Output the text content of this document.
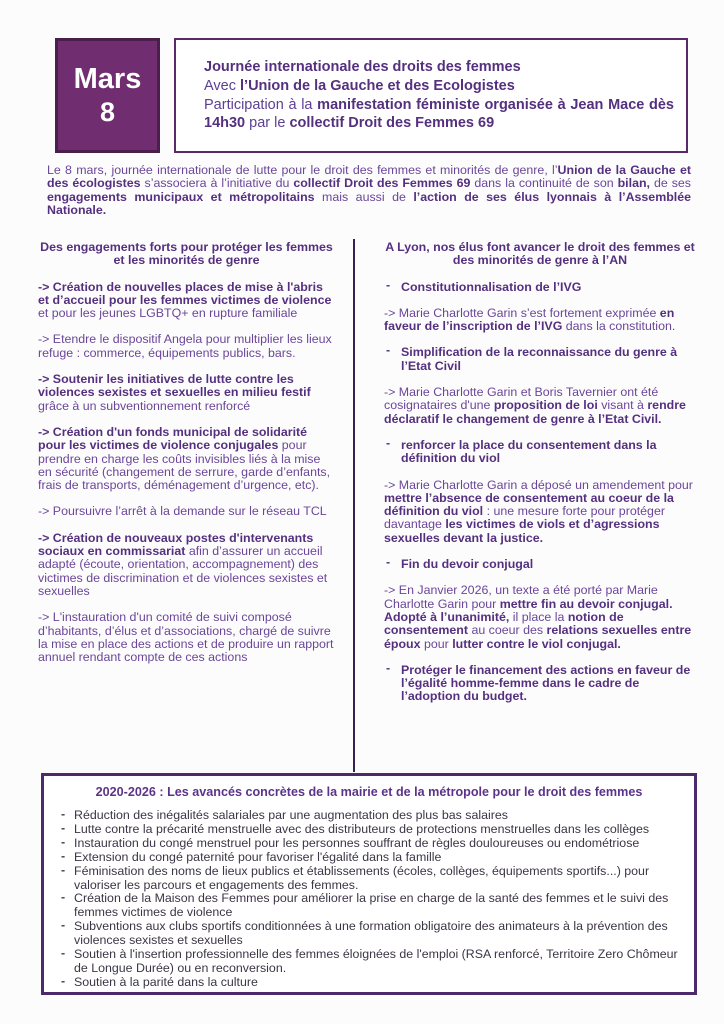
Mars
8
Journée internationale des droits des femmes
Avec l’Union de la Gauche et des Ecologistes
Participation à la manifestation féministe organisée à Jean Mace dès 14h30 par le collectif Droit des Femmes 69
Le 8 mars, journée internationale de lutte pour le droit des femmes et minorités de genre, l’Union de la Gauche et des écologistes s’associera à l’initiative du collectif Droit des Femmes 69 dans la continuité de son bilan, de ses engagements municipaux et métropolitains mais aussi de l’action de ses élus lyonnais à l’Assemblée Nationale.
Des engagements forts pour protéger les femmes et les minorités de genre
-> Création de nouvelles places de mise à l'abris et d’accueil pour les femmes victimes de violence et pour les jeunes LGBTQ+ en rupture familiale
-> Etendre le dispositif Angela pour multiplier les lieux refuge : commerce, équipements publics, bars.
-> Soutenir les initiatives de lutte contre les violences sexistes et sexuelles en milieu festif grâce à un subventionnement renforcé
-> Création d'un fonds municipal de solidarité pour les victimes de violence conjugales pour prendre en charge les coûts invisibles liés à la mise en sécurité (changement de serrure, garde d’enfants, frais de transports, déménagement d’urgence, etc).
-> Poursuivre l’arrêt à la demande sur le réseau TCL
-> Création de nouveaux postes d'intervenants sociaux en commissariat afin d’assurer un accueil adapté (écoute, orientation, accompagnement) des victimes de discrimination et de violences sexistes et sexuelles
-> L'instauration d'un comité de suivi composé d’habitants, d’élus et d’associations, chargé de suivre la mise en place des actions et de produire un rapport annuel rendant compte de ces actions
A Lyon, nos élus font avancer le droit des femmes et des minorités de genre à l’AN
- Constitutionnalisation de l’IVG
-> Marie Charlotte Garin s’est fortement exprimée en faveur de l’inscription de l’IVG dans la constitution.
- Simplification de la reconnaissance du genre à l’Etat Civil
-> Marie Charlotte Garin et Boris Tavernier ont été cosignataires d'une proposition de loi visant à rendre déclaratif le changement de genre à l’Etat Civil.
- renforcer la place du consentement dans la définition du viol
-> Marie Charlotte Garin a déposé un amendement pour mettre l’absence de consentement au coeur de la définition du viol : une mesure forte pour protéger davantage les victimes de viols et d’agressions sexuelles devant la justice.
- Fin du devoir conjugal
-> En Janvier 2026, un texte a été porté par Marie Charlotte Garin pour mettre fin au devoir conjugal. Adopté à l’unanimité, il place la notion de consentement au coeur des relations sexuelles entre époux pour lutter contre le viol conjugal.
- Protéger le financement des actions en faveur de l’égalité homme-femme dans le cadre de l’adoption du budget.
2020-2026 : Les avancés concrètes de la mairie et de la métropole pour le droit des femmes
- Réduction des inégalités salariales par une augmentation des plus bas salaires
- Lutte contre la précarité menstruelle avec des distributeurs de protections menstruelles dans les collèges
- Instauration du congé menstruel pour les personnes souffrant de règles douloureuses ou endométriose
- Extension du congé paternité pour favoriser l'égalité dans la famille
- Féminisation des noms de lieux publics et établissements (écoles, collèges, équipements sportifs...) pour valoriser les parcours et engagements des femmes.
- Création de la Maison des Femmes pour améliorer la prise en charge de la santé des femmes et le suivi des femmes victimes de violence
- Subventions aux clubs sportifs conditionnées à une formation obligatoire des animateurs à la prévention des violences sexistes et sexuelles
- Soutien à l'insertion professionnelle des femmes éloignées de l'emploi (RSA renforcé, Territoire Zero Chômeur de Longue Durée) ou en reconversion.
- Soutien à la parité dans la culture
